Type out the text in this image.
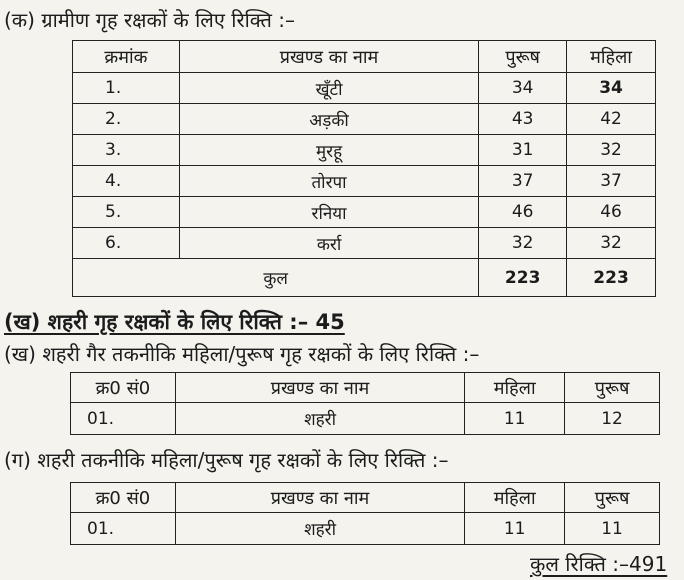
(क) ग्रामीण गृह रक्षकों के लिए रिक्ति :–
क्रमांक	प्रखण्ड का नाम	पुरूष	महिला
1.	खूँटी	34	34
2.	अड़की	43	42
3.	मुरहू	31	32
4.	तोरपा	37	37
5.	रनिया	46	46
6.	कर्रा	32	32
कुल		223	223
(ख) शहरी गृह रक्षकों के लिए रिक्ति :– 45
(ख) शहरी गैर तकनीकि महिला/पुरूष गृह रक्षकों के लिए रिक्ति :–
क्र0 सं0	प्रखण्ड का नाम	महिला	पुरूष
01.	शहरी	11	12
(ग) शहरी तकनीकि महिला/पुरूष गृह रक्षकों के लिए रिक्ति :–
क्र0 सं0	प्रखण्ड का नाम	महिला	पुरूष
01.	शहरी	11	11
कुल रिक्ति :–491
